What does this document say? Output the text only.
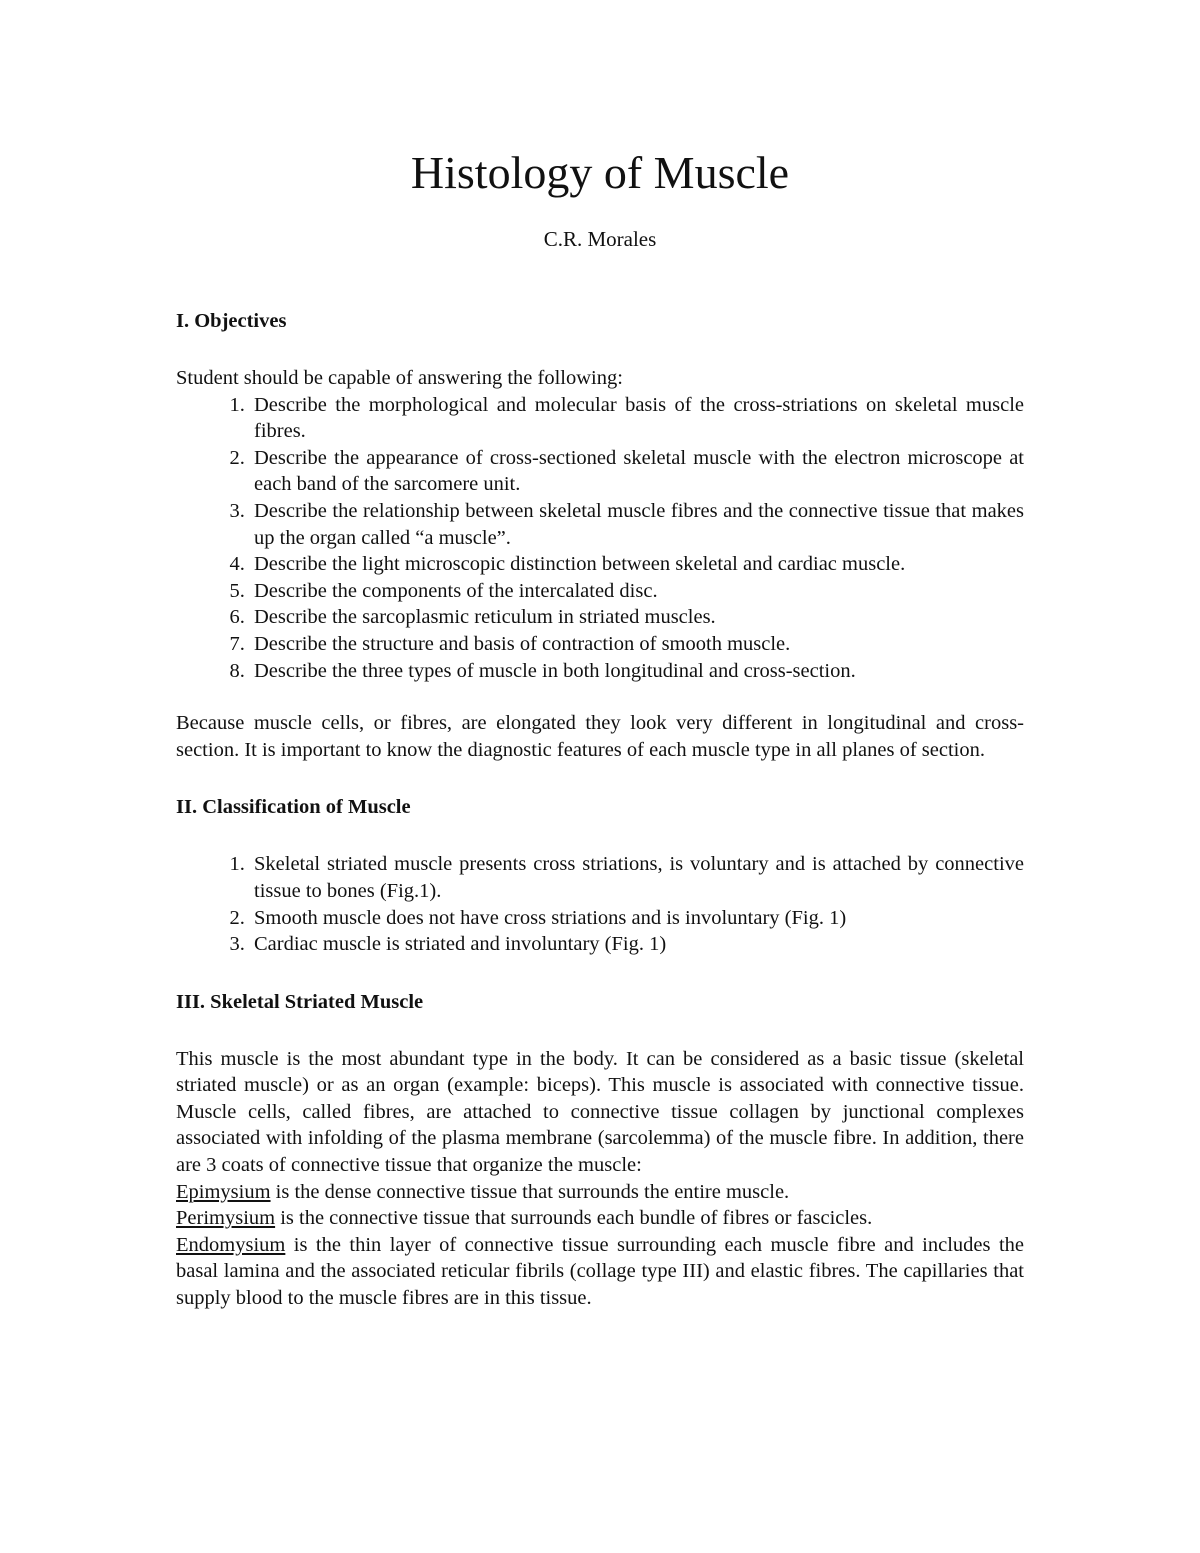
Histology of Muscle
C.R. Morales
I. Objectives

Student should be capable of answering the following:

1. Describe the morphological and molecular basis of the cross-striations on skeletal muscle fibres.
2. Describe the appearance of cross-sectioned skeletal muscle with the electron microscope at each band of the sarcomere unit.
3. Describe the relationship between skeletal muscle fibres and the connective tissue that makes up the organ called “a muscle”.
4. Describe the light microscopic distinction between skeletal and cardiac muscle.
5. Describe the components of the intercalated disc.
6. Describe the sarcoplasmic reticulum in striated muscles.
7. Describe the structure and basis of contraction of smooth muscle.
8. Describe the three types of muscle in both longitudinal and cross-section.

Because muscle cells, or fibres, are elongated they look very different in longitudinal and cross-section. It is important to know the diagnostic features of each muscle type in all planes of section.

II. Classification of Muscle
1. Skeletal striated muscle presents cross striations, is voluntary and is attached by connective tissue to bones (Fig.1).
2. Smooth muscle does not have cross striations and is involuntary (Fig. 1)
3. Cardiac muscle is striated and involuntary (Fig. 1)
III. Skeletal Striated Muscle

This muscle is the most abundant type in the body. It can be considered as a basic tissue (skeletal striated muscle) or as an organ (example: biceps). This muscle is associated with connective tissue. Muscle cells, called fibres, are attached to connective tissue collagen by junctional complexes associated with infolding of the plasma membrane (sarcolemma) of the muscle fibre. In addition, there are 3 coats of connective tissue that organize the muscle:

Epimysium is the dense connective tissue that surrounds the entire muscle.

Perimysium is the connective tissue that surrounds each bundle of fibres or fascicles.

Endomysium is the thin layer of connective tissue surrounding each muscle fibre and includes the basal lamina and the associated reticular fibrils (collage type III) and elastic fibres. The capillaries that supply blood to the muscle fibres are in this tissue.
